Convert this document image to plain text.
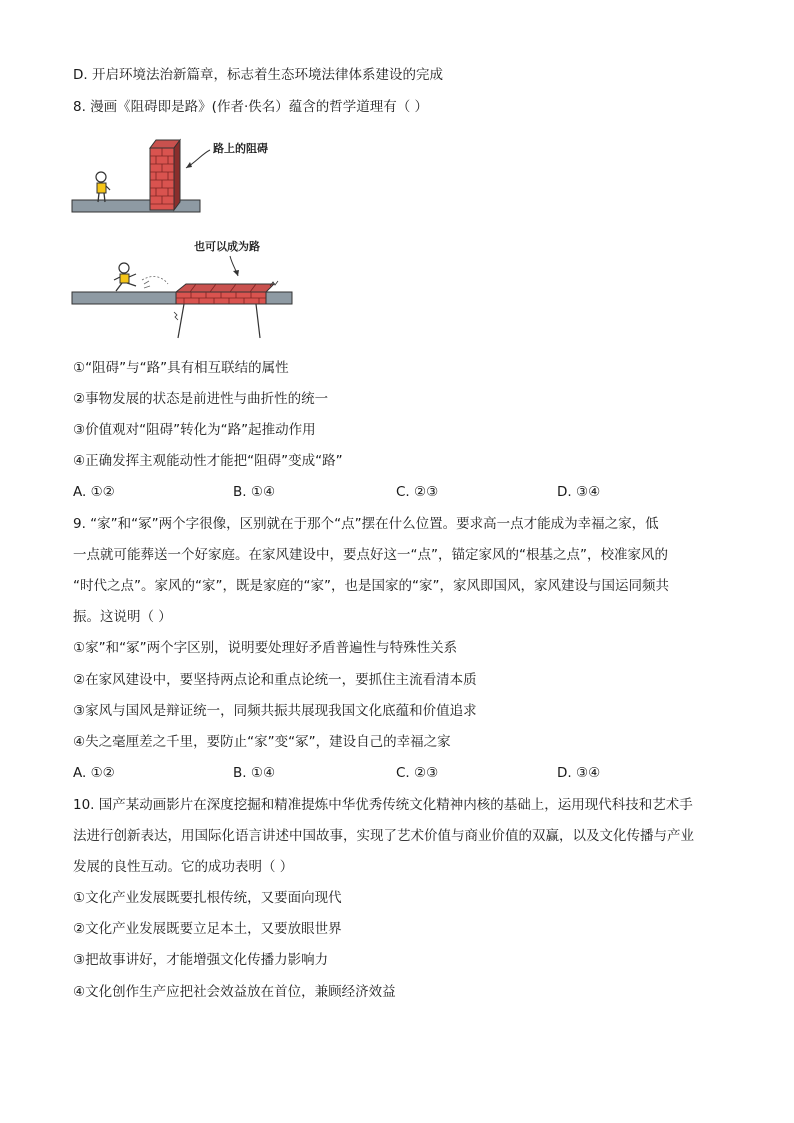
D. 开启环境法治新篇章，标志着生态环境法律体系建设的完成
8. 漫画《阻碍即是路》(作者·佚名）蕴含的哲学道理有（ ）
路上的阻碍
也可以成为路
①“阻碍”与“路”具有相互联结的属性
②事物发展的状态是前进性与曲折性的统一
③价值观对“阻碍”转化为“路”起推动作用
④正确发挥主观能动性才能把“阻碍”变成“路”
A. ①②	B. ①④	C. ②③	D. ③④
9. “家”和“冢”两个字很像，区别就在于那个“点”摆在什么位置。要求高一点才能成为幸福之家，低
一点就可能葬送一个好家庭。在家风建设中，要点好这一“点”，锚定家风的“根基之点”，校准家风的
“时代之点”。家风的“家”，既是家庭的“家”，也是国家的“家”，家风即国风，家风建设与国运同频共
振。这说明（ ）
①家”和“冢”两个字区别，说明要处理好矛盾普遍性与特殊性关系
②在家风建设中，要坚持两点论和重点论统一，要抓住主流看清本质
③家风与国风是辩证统一，同频共振共展现我国文化底蕴和价值追求
④失之毫厘差之千里，要防止“家”变“冢”，建设自己的幸福之家
A. ①②	B. ①④	C. ②③	D. ③④
10. 国产某动画影片在深度挖掘和精准提炼中华优秀传统文化精神内核的基础上，运用现代科技和艺术手
法进行创新表达，用国际化语言讲述中国故事，实现了艺术价值与商业价值的双赢，以及文化传播与产业
发展的良性互动。它的成功表明（ ）
①文化产业发展既要扎根传统，又要面向现代
②文化产业发展既要立足本土，又要放眼世界
③把故事讲好，才能增强文化传播力影响力
④文化创作生产应把社会效益放在首位，兼顾经济效益
